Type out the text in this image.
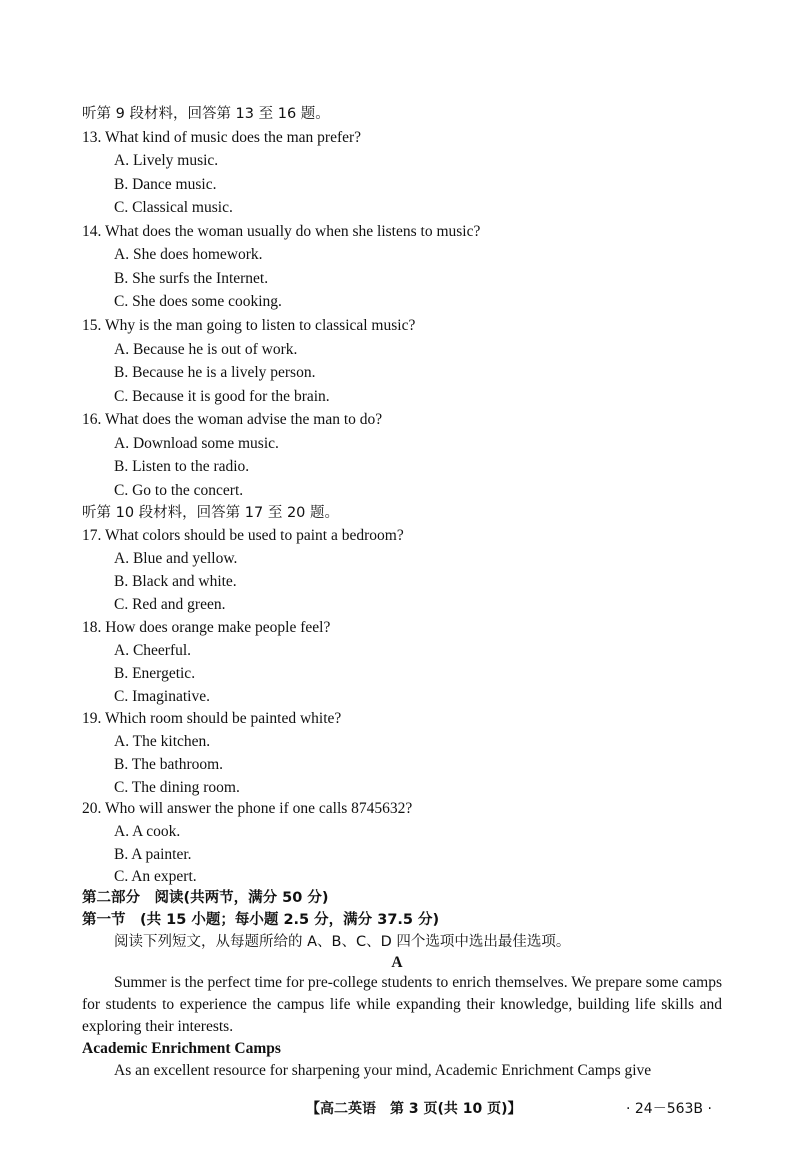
听第 9 段材料，回答第 13 至 16 题。
13. What kind of music does the man prefer?
A. Lively music.
B. Dance music.
C. Classical music.
14. What does the woman usually do when she listens to music?
A. She does homework.
B. She surfs the Internet.
C. She does some cooking.
15. Why is the man going to listen to classical music?
A. Because he is out of work.
B. Because he is a lively person.
C. Because it is good for the brain.
16. What does the woman advise the man to do?
A. Download some music.
B. Listen to the radio.
C. Go to the concert.
听第 10 段材料，回答第 17 至 20 题。
17. What colors should be used to paint a bedroom?
A. Blue and yellow.
B. Black and white.
C. Red and green.
18. How does orange make people feel?
A. Cheerful.
B. Energetic.
C. Imaginative.
19. Which room should be painted white?
A. The kitchen.
B. The bathroom.
C. The dining room.
20. Who will answer the phone if one calls 8745632?
A. A cook.
B. A painter.
C. An expert.
第二部分　阅读(共两节，满分 50 分)
第一节　(共 15 小题；每小题 2.5 分，满分 37.5 分)
阅读下列短文，从每题所给的 A、B、C、D 四个选项中选出最佳选项。
A
Summer is the perfect time for pre-college students to enrich themselves. We prepare some camps for students to experience the campus life while expanding their knowledge, building life skills and exploring their interests.
Academic Enrichment Camps
As an excellent resource for sharpening your mind, Academic Enrichment Camps give
【高二英语　第 3 页(共 10 页)】	· 24－563B ·
